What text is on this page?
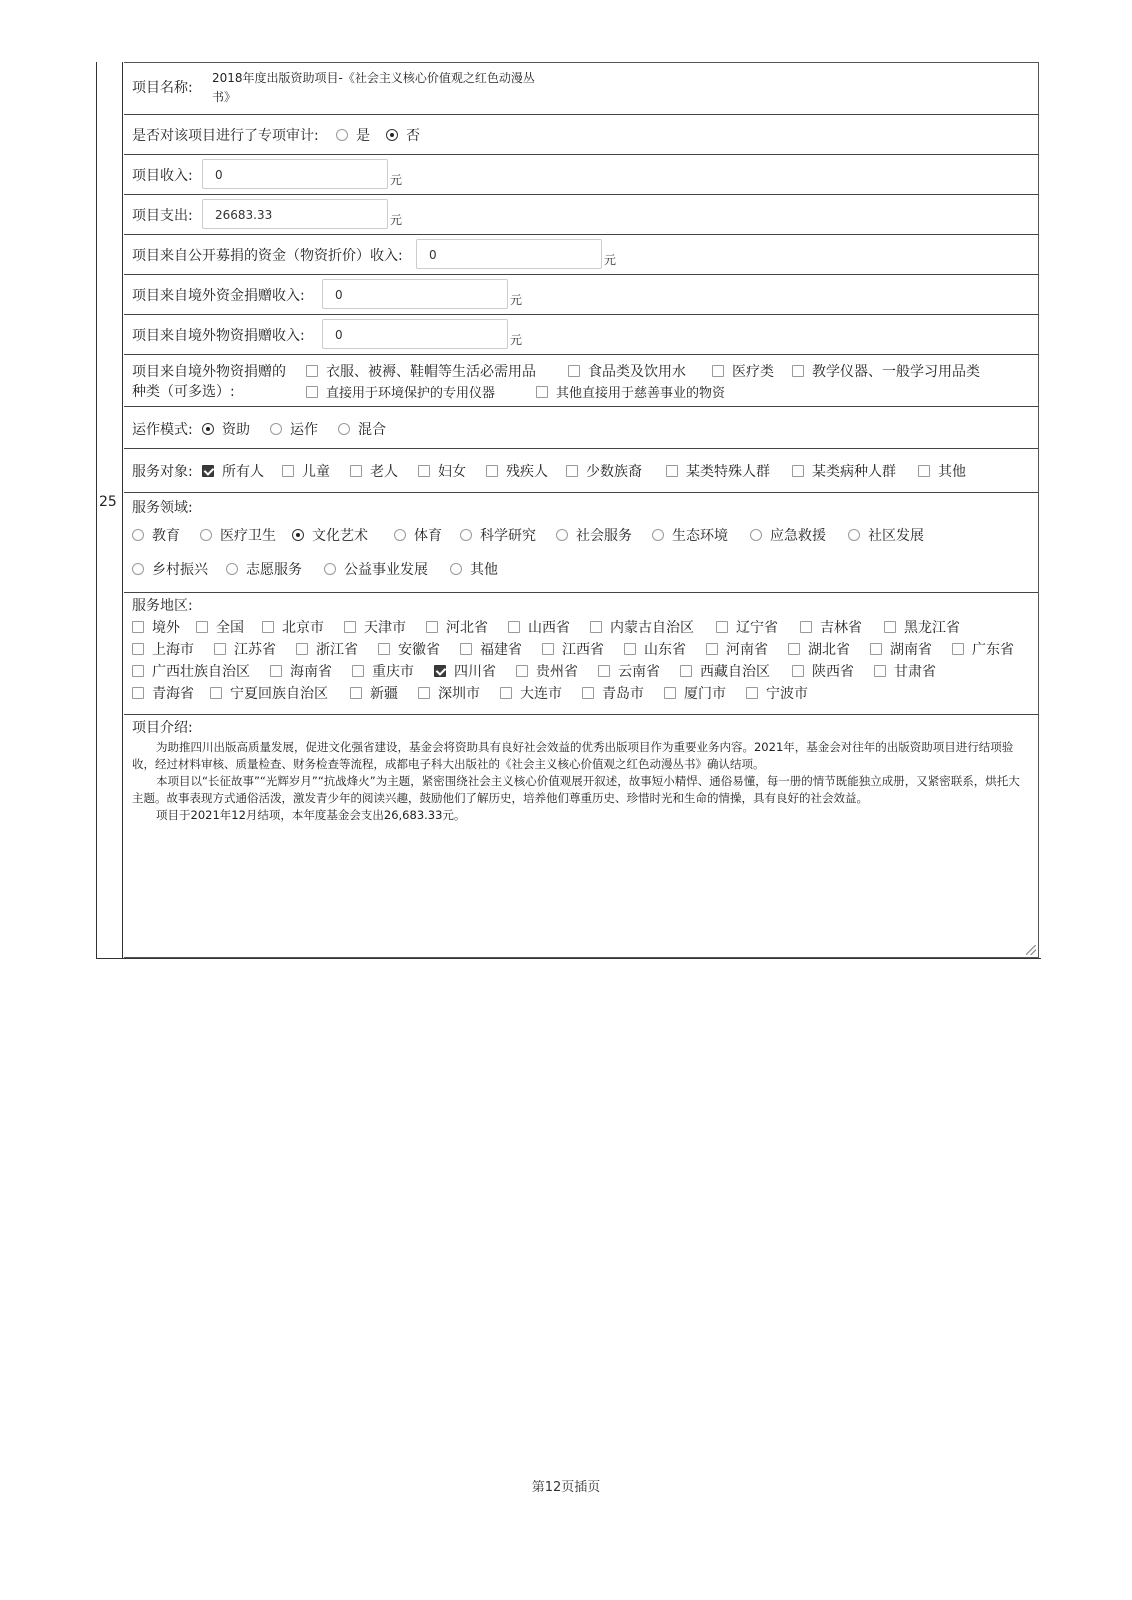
25
项目名称:
2018年度出版资助项目-《社会主义核心价值观之红色动漫丛
书》
是否对该项目进行了专项审计:	是	否
项目收入:	0	元
项目支出:	26683.33	元
项目来自公开募捐的资金（物资折价）收入:	0	元
项目来自境外资金捐赠收入:	0	元
项目来自境外物资捐赠收入:	0	元
项目来自境外物资捐赠的
种类（可多选）:
衣服、被褥、鞋帽等生活必需用品	食品类及饮用水	医疗类	教学仪器、一般学习用品类
直接用于环境保护的专用仪器	其他直接用于慈善事业的物资
运作模式: 资助	运作	混合
服务对象: 所有人	儿童	老人	妇女	残疾人	少数族裔	某类特殊人群	某类病种人群	其他
服务领域:
教育	医疗卫生	文化艺术	体育	科学研究	社会服务	生态环境	应急救援	社区发展
乡村振兴	志愿服务	公益事业发展	其他
服务地区:
境外	全国	北京市	天津市	河北省	山西省	内蒙古自治区	辽宁省	吉林省	黑龙江省
上海市	江苏省	浙江省	安徽省	福建省	江西省	山东省	河南省	湖北省	湖南省	广东省
广西壮族自治区	海南省	重庆市	四川省	贵州省	云南省	西藏自治区	陕西省	甘肃省
青海省	宁夏回族自治区	新疆	深圳市	大连市	青岛市	厦门市	宁波市
项目介绍:

为助推四川出版高质量发展，促进文化强省建设，基金会将资助具有良好社会效益的优秀出版项目作为重要业务内容。2021年，基金会对往年的出版资助项目进行结项验收，经过材料审核、质量检查、财务检查等流程，成都电子科大出版社的《社会主义核心价值观之红色动漫丛书》确认结项。

本项目以“长征故事”“光辉岁月”“抗战烽火”为主题，紧密围绕社会主义核心价值观展开叙述，故事短小精悍、通俗易懂，每一册的情节既能独立成册，又紧密联系，烘托大主题。故事表现方式通俗活泼，激发青少年的阅读兴趣，鼓励他们了解历史，培养他们尊重历史、珍惜时光和生命的情操，具有良好的社会效益。

项目于2021年12月结项，本年度基金会支出26,683.33元。

第12页插页
